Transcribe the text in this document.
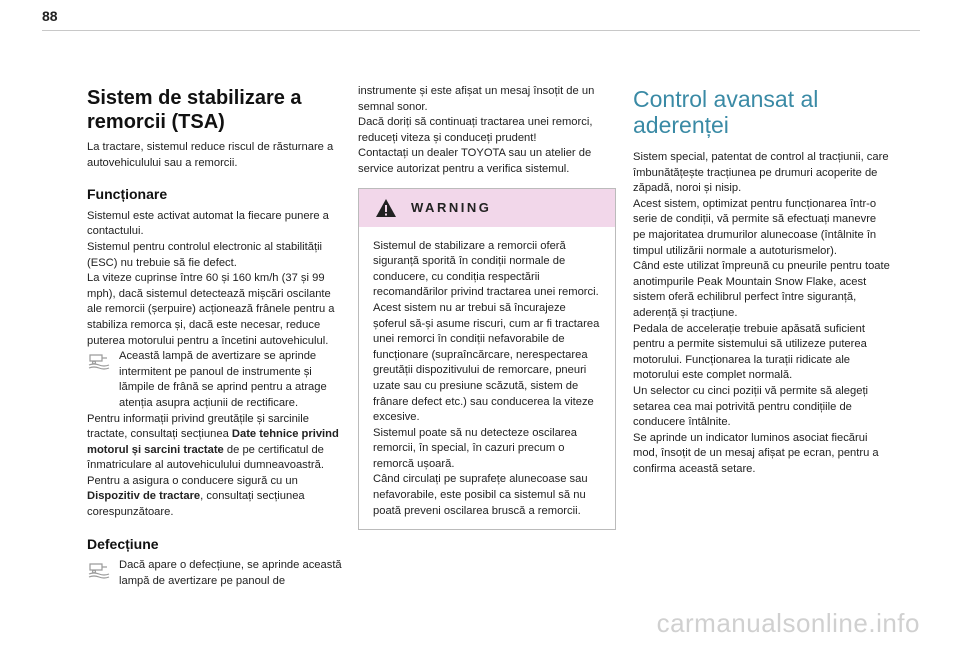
88
Sistem de stabilizare a remorcii (TSA)

La tractare, sistemul reduce riscul de răsturnare a autovehiculului sau a remorcii.

Funcționare

Sistemul este activat automat la fiecare punere a contactului.

Sistemul pentru controlul electronic al stabilității (ESC) nu trebuie să fie defect.

La viteze cuprinse între 60 și 160 km/h (37 și 99 mph), dacă sistemul detectează mișcări oscilante ale remorcii (șerpuire) acționează frânele pentru a stabiliza remorca și, dacă este necesar, reduce puterea motorului pentru a încetini autovehiculul.

Această lampă de avertizare se aprinde intermitent pe panoul de instrumente și lămpile de frână se aprind pentru a atrage atenția asupra acțiunii de rectificare.

Pentru informații privind greutățile și sarcinile tractate, consultați secțiunea Date tehnice privind motorul și sarcini tractate de pe certificatul de înmatriculare al autovehiculului dumneavoastră.

Pentru a asigura o conducere sigură cu un Dispozitiv de tractare, consultați secțiunea corespunzătoare.

Defecțiune

Dacă apare o defecțiune, se aprinde această lampă de avertizare pe panoul de

instrumente și este afișat un mesaj însoțit de un semnal sonor.

Dacă doriți să continuați tractarea unei remorci, reduceți viteza și conduceți prudent!

Contactați un dealer TOYOTA sau un atelier de service autorizat pentru a verifica sistemul.

WARNING

Sistemul de stabilizare a remorcii oferă siguranță sporită în condiții normale de conducere, cu condiția respectării recomandărilor privind tractarea unei remorci.

Acest sistem nu ar trebui să încurajeze șoferul să-și asume riscuri, cum ar fi tractarea unei remorci în condiții nefavorabile de funcționare (supraîncărcare, nerespectarea greutății dispozitivului de remorcare, pneuri uzate sau cu presiune scăzută, sistem de frânare defect etc.) sau conducerea la viteze excesive.

Sistemul poate să nu detecteze oscilarea remorcii, în special, în cazuri precum o remorcă ușoară.

Când circulați pe suprafețe alunecoase sau nefavorabile, este posibil ca sistemul să nu poată preveni oscilarea bruscă a remorcii.

Control avansat al aderenței

Sistem special, patentat de control al tracțiunii, care îmbunătățește tracțiunea pe drumuri acoperite de zăpadă, noroi și nisip.

Acest sistem, optimizat pentru funcționarea într-o serie de condiții, vă permite să efectuați manevre pe majoritatea drumurilor alunecoase (întâlnite în timpul utilizării normale a autoturismelor).

Când este utilizat împreună cu pneurile pentru toate anotimpurile Peak Mountain Snow Flake, acest sistem oferă echilibrul perfect între siguranță, aderență și tracțiune.

Pedala de accelerație trebuie apăsată suficient pentru a permite sistemului să utilizeze puterea motorului. Funcționarea la turații ridicate ale motorului este complet normală.

Un selector cu cinci poziții vă permite să alegeți setarea cea mai potrivită pentru condițiile de conducere întâlnite.

Se aprinde un indicator luminos asociat fiecărui mod, însoțit de un mesaj afișat pe ecran, pentru a confirma această setare.

carmanualsonline.info
